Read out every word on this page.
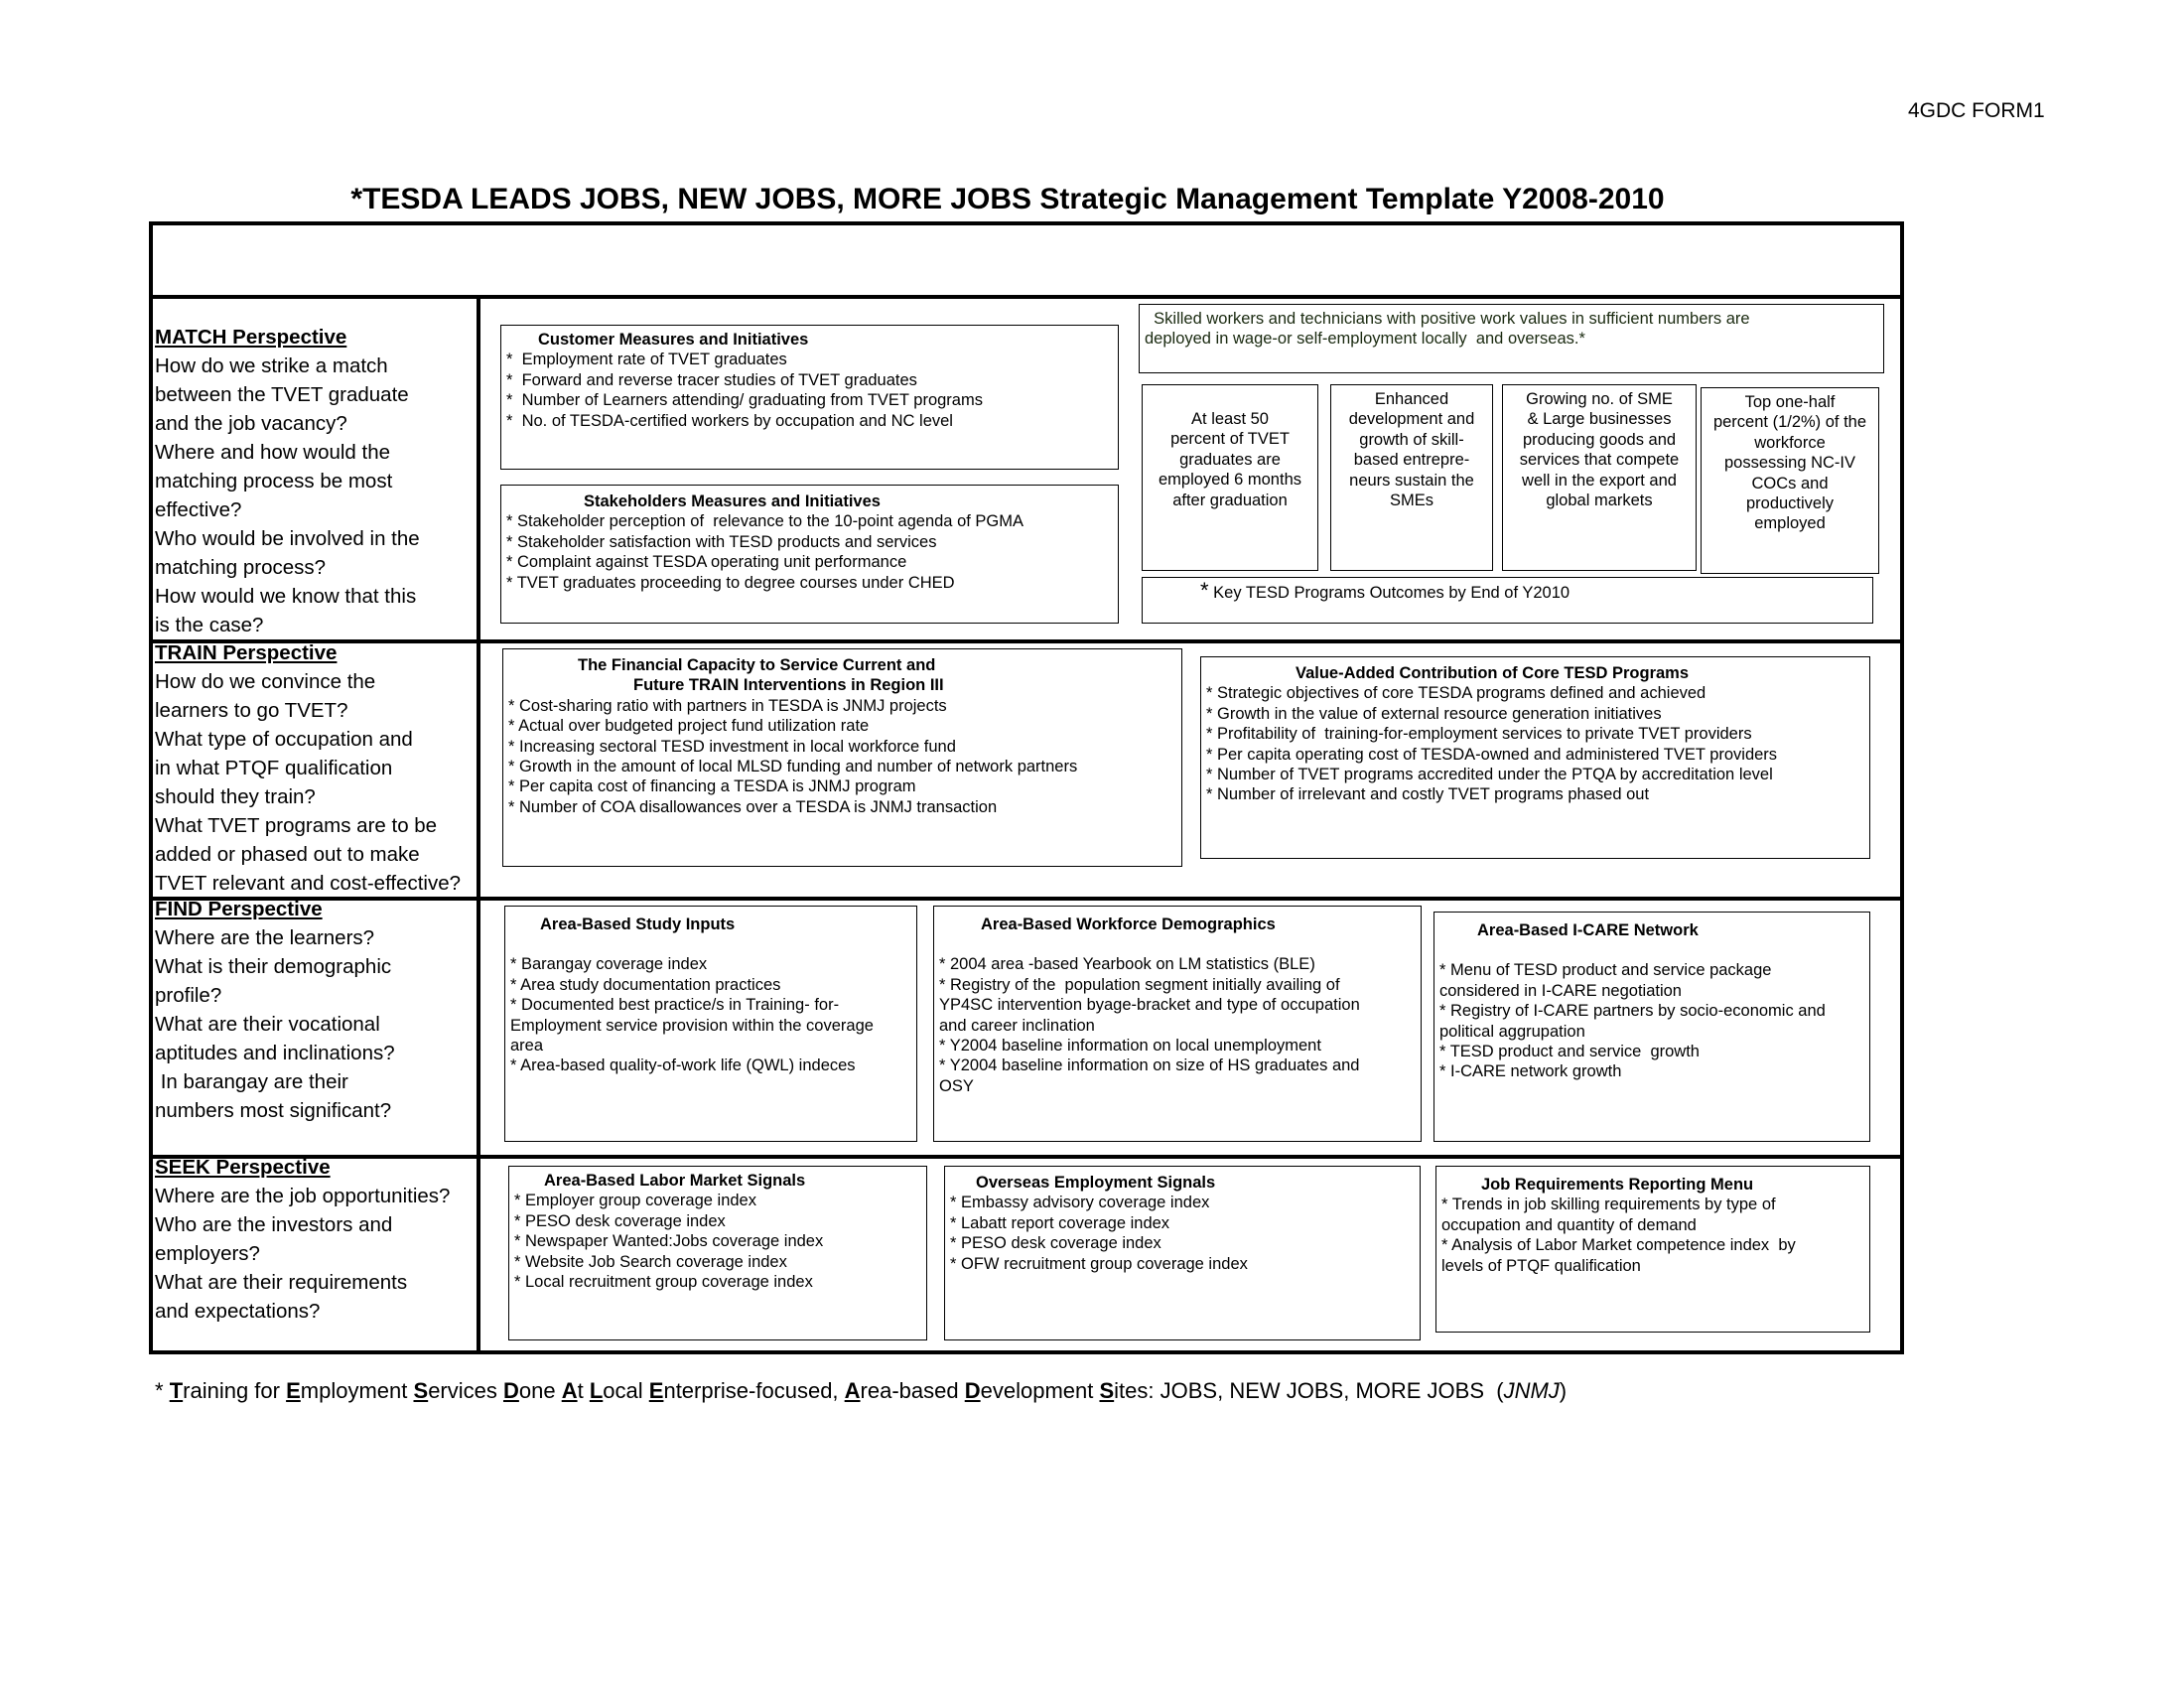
4GDC FORM1
*TESDA LEADS JOBS, NEW JOBS, MORE JOBS Strategic Management Template Y2008-2010
MATCH Perspective
How do we strike a match
between the TVET graduate
and the job vacancy?
Where and how would the
matching process be most
effective?
Who would be involved in the
matching process?
How would we know that this
is the case?
Customer Measures and Initiatives
*  Employment rate of TVET graduates
*  Forward and reverse tracer studies of TVET graduates
*  Number of Learners attending/ graduating from TVET programs
*  No. of TESDA-certified workers by occupation and NC level
Stakeholders Measures and Initiatives
* Stakeholder perception of  relevance to the 10-point agenda of PGMA
* Stakeholder satisfaction with TESD products and services
* Complaint against TESDA operating unit performance
* TVET graduates proceeding to degree courses under CHED
Skilled workers and technicians with positive work values in sufficient numbers are
deployed in wage-or self-employment locally  and overseas.*
At least 50
percent of TVET
graduates are
employed 6 months
after graduation
Enhanced
development and
growth of skill-
based entrepre-
neurs sustain the
SMEs
Growing no. of SME
& Large businesses
producing goods and
services that compete
well in the export and
global markets
Top one-half
percent (1/2%) of the
workforce
possessing NC-IV
COCs and
productively
employed
* Key TESD Programs Outcomes by End of Y2010
TRAIN Perspective
How do we convince the
learners to go TVET?
What type of occupation and
in what PTQF qualification
should they train?
What TVET programs are to be
added or phased out to make
TVET relevant and cost-effective?
The Financial Capacity to Service Current and
Future TRAIN Interventions in Region III
* Cost-sharing ratio with partners in TESDA is JNMJ projects
* Actual over budgeted project fund utilization rate
* Increasing sectoral TESD investment in local workforce fund
* Growth in the amount of local MLSD funding and number of network partners
* Per capita cost of financing a TESDA is JNMJ program
* Number of COA disallowances over a TESDA is JNMJ transaction
Value-Added Contribution of Core TESD Programs
* Strategic objectives of core TESDA programs defined and achieved
* Growth in the value of external resource generation initiatives
* Profitability of  training-for-employment services to private TVET providers
* Per capita operating cost of TESDA-owned and administered TVET providers
* Number of TVET programs accredited under the PTQA by accreditation level
* Number of irrelevant and costly TVET programs phased out
FIND Perspective
Where are the learners?
What is their demographic
profile?
What are their vocational
aptitudes and inclinations?
In barangay are their
numbers most significant?
Area-Based Study Inputs
* Barangay coverage index
* Area study documentation practices
* Documented best practice/s in Training- for-
Employment service provision within the coverage
area
* Area-based quality-of-work life (QWL) indeces
Area-Based Workforce Demographics
* 2004 area -based Yearbook on LM statistics (BLE)
* Registry of the  population segment initially availing of
YP4SC intervention byage-bracket and type of occupation
and career inclination
* Y2004 baseline information on local unemployment
* Y2004 baseline information on size of HS graduates and
OSY
Area-Based I-CARE Network
* Menu of TESD product and service package
considered in I-CARE negotiation
* Registry of I-CARE partners by socio-economic and
political aggrupation
* TESD product and service  growth
* I-CARE network growth
SEEK Perspective
Where are the job opportunities?
Who are the investors and
employers?
What are their requirements
and expectations?
Area-Based Labor Market Signals
* Employer group coverage index
* PESO desk coverage index
* Newspaper Wanted:Jobs coverage index
* Website Job Search coverage index
* Local recruitment group coverage index
Overseas Employment Signals
* Embassy advisory coverage index
* Labatt report coverage index
* PESO desk coverage index
* OFW recruitment group coverage index
Job Requirements Reporting Menu
* Trends in job skilling requirements by type of
occupation and quantity of demand
* Analysis of Labor Market competence index  by
levels of PTQF qualification
* Training for Employment Services Done At Local Enterprise-focused, Area-based Development Sites: JOBS, NEW JOBS, MORE JOBS  (JNMJ)
